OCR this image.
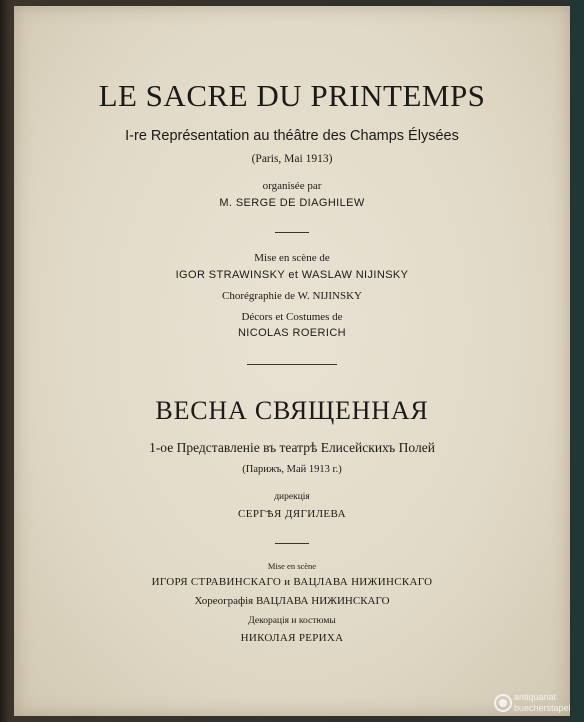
LE SACRE DU PRINTEMPS
I-re Représentation au théâtre des Champs Élysées
(Paris, Mai 1913)
organisée par
M. SERGE DE DIAGHILEW
Mise en scène de
IGOR STRAWINSKY et WASLAW NIJINSKY
Chorégraphie de W. NIJINSKY
Décors et Costumes de
NICOLAS ROERICH
ВЕСНА СВЯЩЕННАЯ
1-ое Представленіе въ театрѣ Елисейскихъ Полей
(Парижъ, Май 1913 г.)
дирекція
СЕРГѢЯ ДЯГИЛЕВА
Mise en scène
ИГОРЯ СТРАВИНСКАГО и ВАЦЛАВА НИЖИНСКАГО
Хореографія ВАЦЛАВА НИЖИНСКАГО
Декорація и костюмы
НИКОЛАЯ РЕРИХА
antiquariat
buecherstapel
